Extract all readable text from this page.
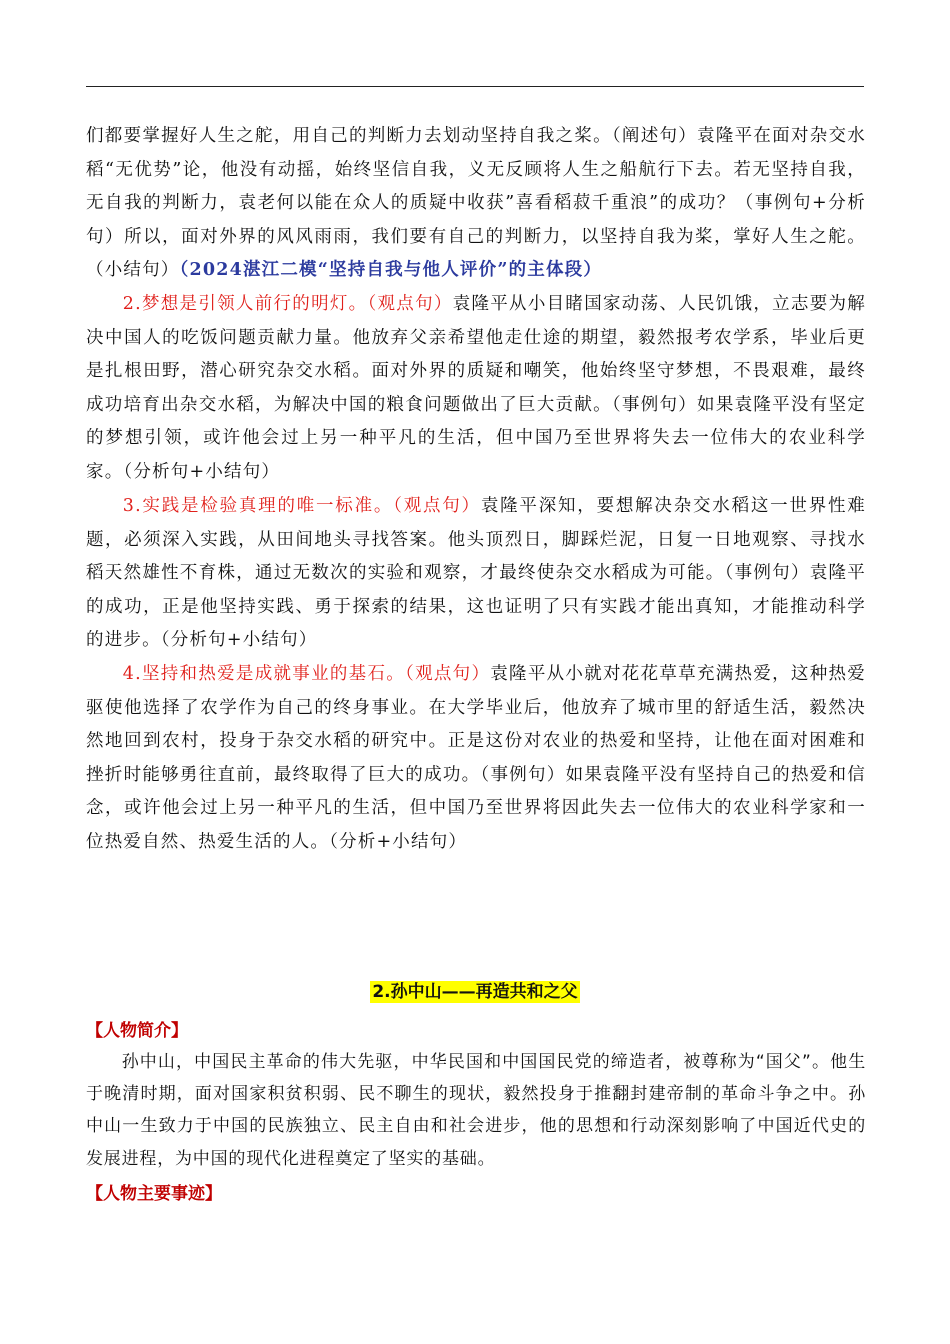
们都要掌握好人生之舵，用自己的判断力去划动坚持自我之桨。（阐述句）袁隆平在面对杂交水稻“无优势”论，他没有动摇，始终坚信自我，义无反顾将人生之船航行下去。若无坚持自我，无自我的判断力，袁老何以能在众人的质疑中收获”喜看稻菽千重浪”的成功？（事例句+分析句）所以，面对外界的风风雨雨，我们要有自己的判断力，以坚持自我为桨，掌好人生之舵。（小结句）（2024湛江二模“坚持自我与他人评价”的主体段）
2.梦想是引领人前行的明灯。（观点句）袁隆平从小目睹国家动荡、人民饥饿，立志要为解决中国人的吃饭问题贡献力量。他放弃父亲希望他走仕途的期望，毅然报考农学系，毕业后更是扎根田野，潜心研究杂交水稻。面对外界的质疑和嘲笑，他始终坚守梦想，不畏艰难，最终成功培育出杂交水稻，为解决中国的粮食问题做出了巨大贡献。（事例句）如果袁隆平没有坚定的梦想引领，或许他会过上另一种平凡的生活，但中国乃至世界将失去一位伟大的农业科学家。（分析句+小结句）
3.实践是检验真理的唯一标准。（观点句）袁隆平深知，要想解决杂交水稻这一世界性难题，必须深入实践，从田间地头寻找答案。他头顶烈日，脚踩烂泥，日复一日地观察、寻找水稻天然雄性不育株，通过无数次的实验和观察，才最终使杂交水稻成为可能。（事例句）袁隆平的成功，正是他坚持实践、勇于探索的结果，这也证明了只有实践才能出真知，才能推动科学的进步。（分析句+小结句）
4.坚持和热爱是成就事业的基石。（观点句）袁隆平从小就对花花草草充满热爱，这种热爱驱使他选择了农学作为自己的终身事业。在大学毕业后，他放弃了城市里的舒适生活，毅然决然地回到农村，投身于杂交水稻的研究中。正是这份对农业的热爱和坚持，让他在面对困难和挫折时能够勇往直前，最终取得了巨大的成功。（事例句）如果袁隆平没有坚持自己的热爱和信念，或许他会过上另一种平凡的生活，但中国乃至世界将因此失去一位伟大的农业科学家和一位热爱自然、热爱生活的人。（分析+小结句）
2.孙中山——再造共和之父
【人物简介】
孙中山，中国民主革命的伟大先驱，中华民国和中国国民党的缔造者，被尊称为“国父”。他生于晚清时期，面对国家积贫积弱、民不聊生的现状，毅然投身于推翻封建帝制的革命斗争之中。孙中山一生致力于中国的民族独立、民主自由和社会进步，他的思想和行动深刻影响了中国近代史的发展进程，为中国的现代化进程奠定了坚实的基础。
【人物主要事迹】
